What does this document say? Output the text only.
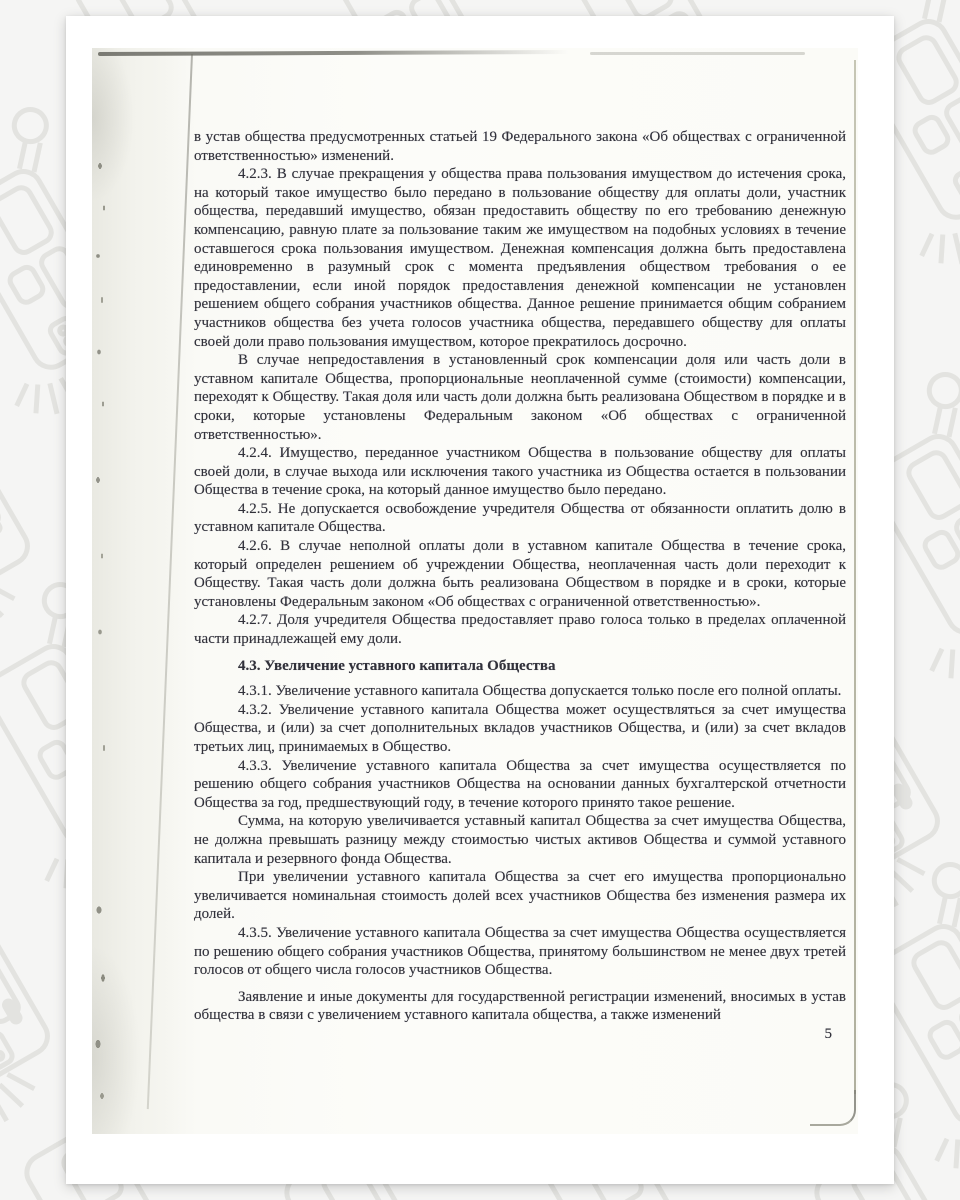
в устав общества предусмотренных статьей 19 Федерального закона «Об обществах с ограниченной ответственностью» изменений.

4.2.3. В случае прекращения у общества права пользования имуществом до истечения срока, на который такое имущество было передано в пользование обществу для оплаты доли, участник общества, передавший имущество, обязан предоставить обществу по его требованию денежную компенсацию, равную плате за пользование таким же имуществом на подобных условиях в течение оставшегося срока пользования имуществом. Денежная компенсация должна быть предоставлена единовременно в разумный срок с момента предъявления обществом требования о ее предоставлении, если иной порядок предоставления денежной компенсации не установлен решением общего собрания участников общества. Данное решение принимается общим собранием участников общества без учета голосов участника общества, передавшего обществу для оплаты своей доли право пользования имуществом, которое прекратилось досрочно.

В случае непредоставления в установленный срок компенсации доля или часть доли в уставном капитале Общества, пропорциональные неоплаченной сумме (стоимости) компенсации, переходят к Обществу. Такая доля или часть доли должна быть реализована Обществом в порядке и в сроки, которые установлены Федеральным законом «Об обществах с ограниченной ответственностью».

4.2.4. Имущество, переданное участником Общества в пользование обществу для оплаты своей доли, в случае выхода или исключения такого участника из Общества остается в пользовании Общества в течение срока, на который данное имущество было передано.

4.2.5. Не допускается освобождение учредителя Общества от обязанности оплатить долю в уставном капитале Общества.

4.2.6. В случае неполной оплаты доли в уставном капитале Общества в течение срока, который определен решением об учреждении Общества, неоплаченная часть доли переходит к Обществу. Такая часть доли должна быть реализована Обществом в порядке и в сроки, которые установлены Федеральным законом «Об обществах с ограниченной ответственностью».

4.2.7. Доля учредителя Общества предоставляет право голоса только в пределах оплаченной части принадлежащей ему доли.

4.3. Увеличение уставного капитала Общества

4.3.1. Увеличение уставного капитала Общества допускается только после его полной оплаты.

4.3.2. Увеличение уставного капитала Общества может осуществляться за счет имущества Общества, и (или) за счет дополнительных вкладов участников Общества, и (или) за счет вкладов третьих лиц, принимаемых в Общество.

4.3.3. Увеличение уставного капитала Общества за счет имущества осуществляется по решению общего собрания участников Общества на основании данных бухгалтерской отчетности Общества за год, предшествующий году, в течение которого принято такое решение.

Сумма, на которую увеличивается уставный капитал Общества за счет имущества Общества, не должна превышать разницу между стоимостью чистых активов Общества и суммой уставного капитала и резервного фонда Общества.

При увеличении уставного капитала Общества за счет его имущества пропорционально увеличивается номинальная стоимость долей всех участников Общества без изменения размера их долей.

4.3.5. Увеличение уставного капитала Общества за счет имущества Общества осуществляется по решению общего собрания участников Общества, принятому большинством не менее двух третей голосов от общего числа голосов участников Общества.

Заявление и иные документы для государственной регистрации изменений, вносимых в устав общества в связи с увеличением уставного капитала общества, а также изменений

5
